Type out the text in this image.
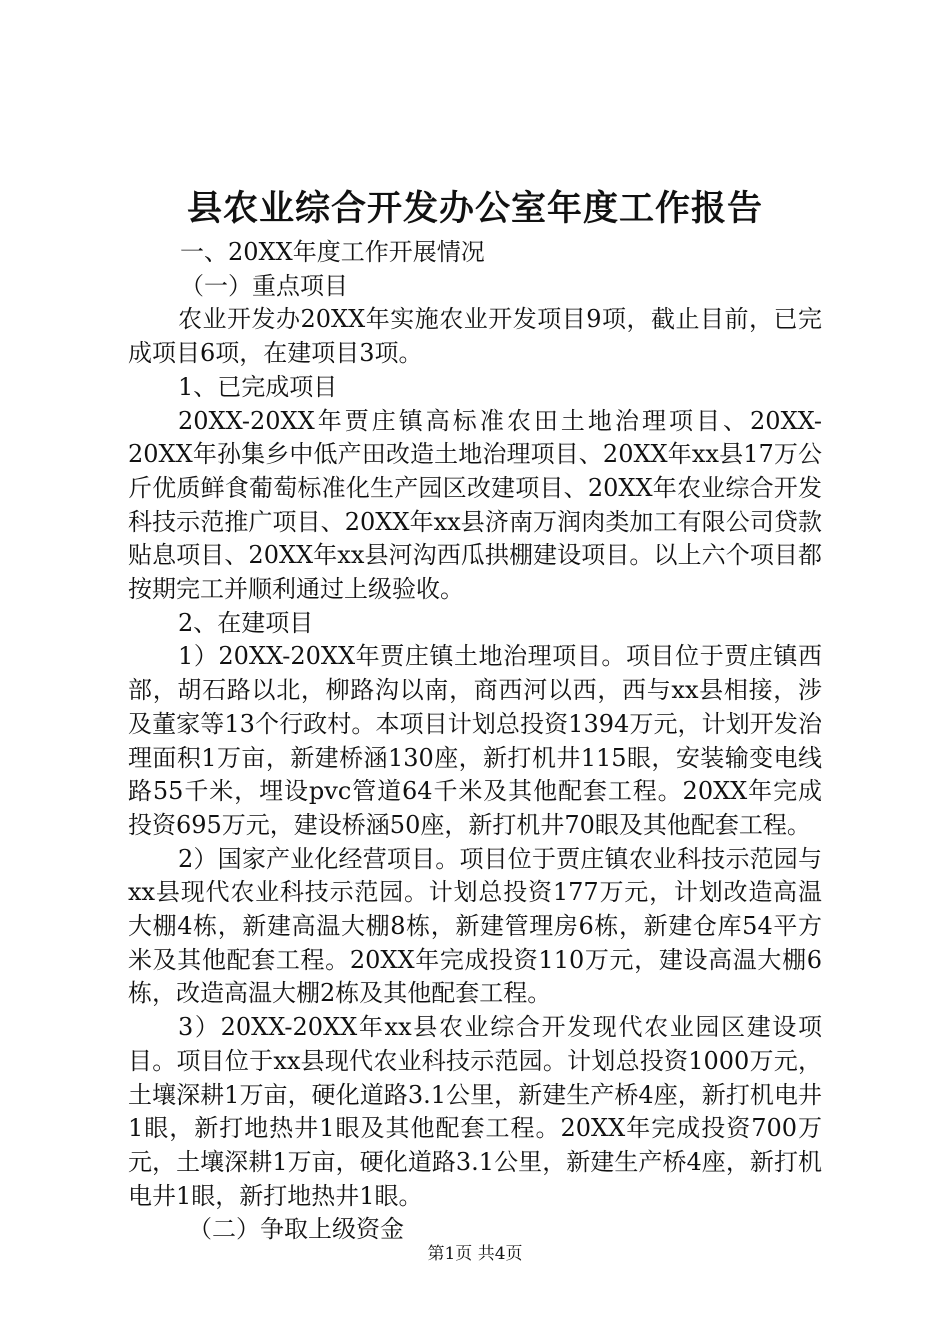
县农业综合开发办公室年度工作报告

一、20XX年度工作开展情况

（一）重点项目

农业开发办20XX年实施农业开发项目9项，截止目前，已完成项目6项，在建项目3项。

1、已完成项目

20XX-20XX年贾庄镇高标准农田土地治理项目、20XX-20XX年孙集乡中低产田改造土地治理项目、20XX年xx县17万公斤优质鲜食葡萄标准化生产园区改建项目、20XX年农业综合开发科技示范推广项目、20XX年xx县济南万润肉类加工有限公司贷款贴息项目、20XX年xx县河沟西瓜拱棚建设项目。以上六个项目都按期完工并顺利通过上级验收。

2、在建项目

1）20XX-20XX年贾庄镇土地治理项目。项目位于贾庄镇西部，胡石路以北，柳路沟以南，商西河以西，西与xx县相接，涉及董家等13个行政村。本项目计划总投资1394万元，计划开发治理面积1万亩，新建桥涵130座，新打机井115眼，安装输变电线路55千米，埋设pvc管道64千米及其他配套工程。20XX年完成投资695万元，建设桥涵50座，新打机井70眼及其他配套工程。

2）国家产业化经营项目。项目位于贾庄镇农业科技示范园与xx县现代农业科技示范园。计划总投资177万元，计划改造高温大棚4栋，新建高温大棚8栋，新建管理房6栋，新建仓库54平方米及其他配套工程。20XX年完成投资110万元，建设高温大棚6栋，改造高温大棚2栋及其他配套工程。

3）20XX-20XX年xx县农业综合开发现代农业园区建设项目。项目位于xx县现代农业科技示范园。计划总投资1000万元，土壤深耕1万亩，硬化道路3.1公里，新建生产桥4座，新打机电井1眼，新打地热井1眼及其他配套工程。20XX年完成投资700万元，土壤深耕1万亩，硬化道路3.1公里，新建生产桥4座，新打机电井1眼，新打地热井1眼。

（二）争取上级资金

第1页 共4页
